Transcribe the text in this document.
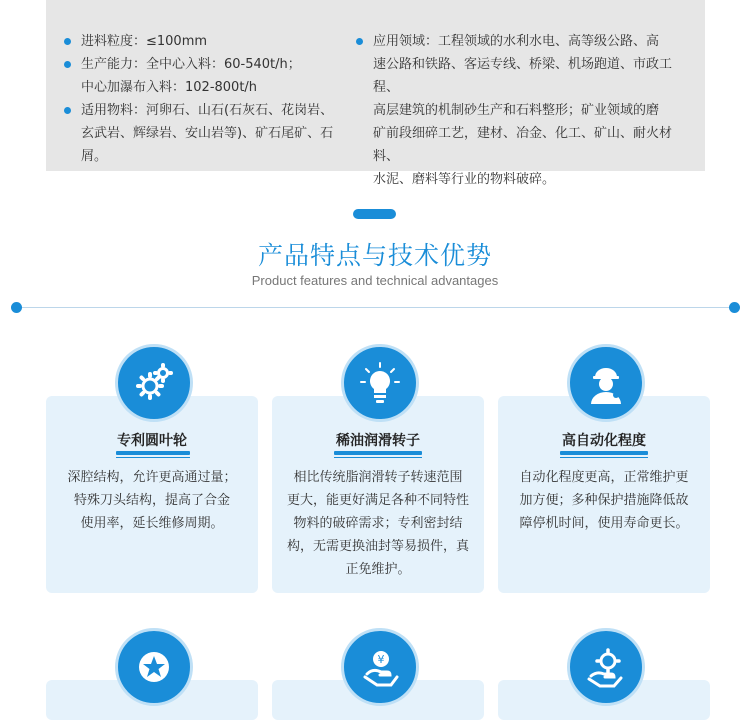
进料粒度：≤100mm
生产能力：全中心入料：60-540t/h；
中心加瀑布入料：102-800t/h
适用物料：河卵石、山石(石灰石、花岗岩、
玄武岩、辉绿岩、安山岩等)、矿石尾矿、石屑。
应用领域：工程领域的水利水电、高等级公路、高
速公路和铁路、客运专线、桥梁、机场跑道、市政工程、
高层建筑的机制砂生产和石料整形；矿业领域的磨
矿前段细碎工艺，建材、冶金、化工、矿山、耐火材料、
水泥、磨料等行业的物料破碎。
产品特点与技术优势
Product features and technical advantages
专利圆叶轮
深腔结构，允许更高通过量；
特殊刀头结构，提高了合金
使用率，延长维修周期。
稀油润滑转子
相比传统脂润滑转子转速范围
更大，能更好满足各种不同特性
物料的破碎需求；专利密封结
构，无需更换油封等易损件，真
正免维护。
高自动化程度
自动化程度更高，正常维护更
加方便；多种保护措施降低故
障停机时间，使用寿命更长。
¥
